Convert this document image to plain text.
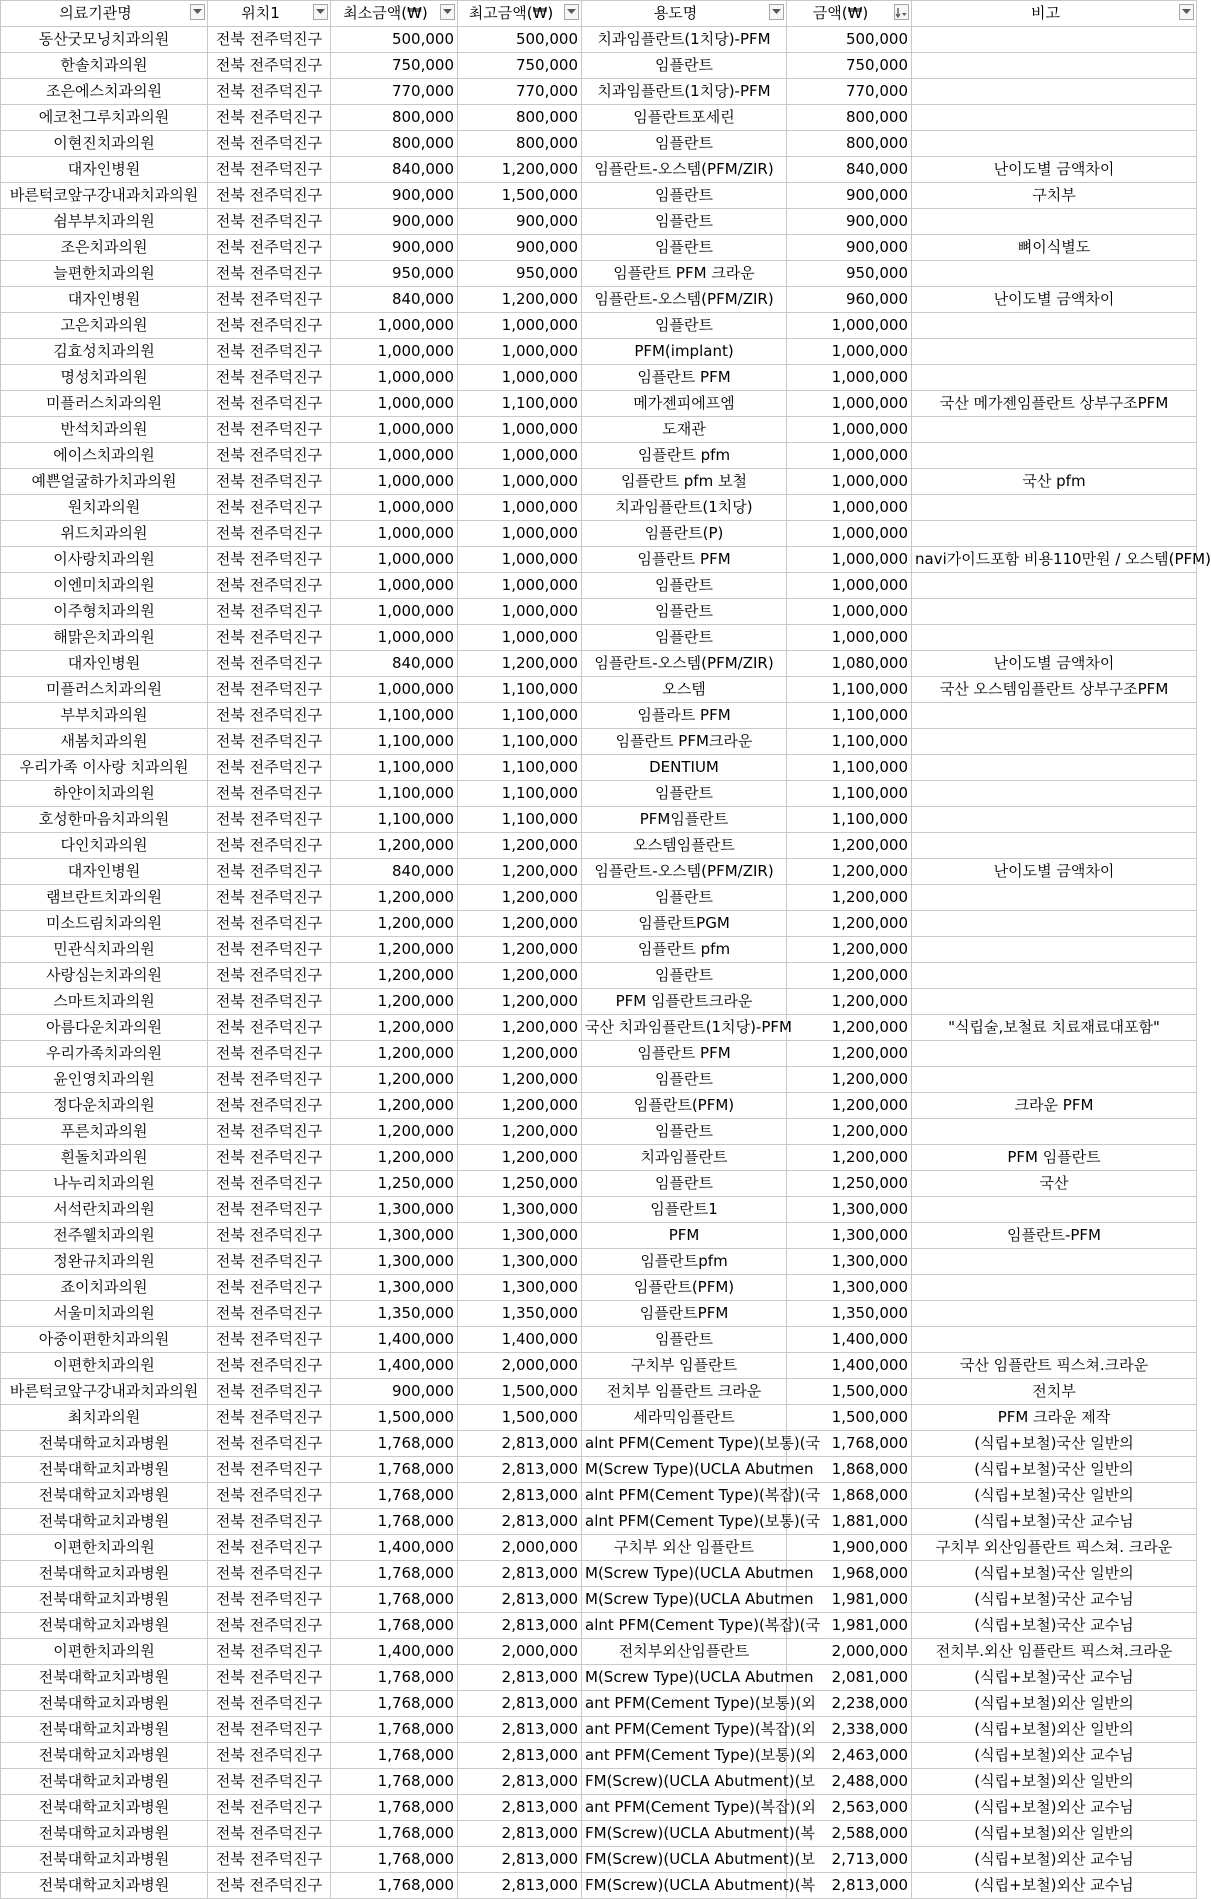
의료기관명	위치1	최소금액(₩)	최고금액(₩)	용도명	금액(₩)	비고

동산굿모닝치과의원	전북 전주덕진구	500,000	500,000	치과임플란트(1치당)-PFM	500,000	
한솔치과의원	전북 전주덕진구	750,000	750,000	임플란트	750,000	
조은에스치과의원	전북 전주덕진구	770,000	770,000	치과임플란트(1치당)-PFM	770,000	
에코천그루치과의원	전북 전주덕진구	800,000	800,000	임플란트포세린	800,000	
이현진치과의원	전북 전주덕진구	800,000	800,000	임플란트	800,000	
대자인병원	전북 전주덕진구	840,000	1,200,000	임플란트-오스템(PFM/ZIR)	840,000	난이도별 금액차이
바른턱코앞구강내과치과의원	전북 전주덕진구	900,000	1,500,000	임플란트	900,000	구치부
쉼부부치과의원	전북 전주덕진구	900,000	900,000	임플란트	900,000	
조은치과의원	전북 전주덕진구	900,000	900,000	임플란트	900,000	뼈이식별도
늘편한치과의원	전북 전주덕진구	950,000	950,000	임플란트 PFM 크라운	950,000	
대자인병원	전북 전주덕진구	840,000	1,200,000	임플란트-오스템(PFM/ZIR)	960,000	난이도별 금액차이
고은치과의원	전북 전주덕진구	1,000,000	1,000,000	임플란트	1,000,000	
김효성치과의원	전북 전주덕진구	1,000,000	1,000,000	PFM(implant)	1,000,000	
명성치과의원	전북 전주덕진구	1,000,000	1,000,000	임플란트 PFM	1,000,000	
미플러스치과의원	전북 전주덕진구	1,000,000	1,100,000	메가젠피에프엠	1,000,000	국산 메가젠임플란트 상부구조PFM
반석치과의원	전북 전주덕진구	1,000,000	1,000,000	도재관	1,000,000	
에이스치과의원	전북 전주덕진구	1,000,000	1,000,000	임플란트 pfm	1,000,000	
예쁜얼굴하가치과의원	전북 전주덕진구	1,000,000	1,000,000	임플란트 pfm 보철	1,000,000	국산 pfm
원치과의원	전북 전주덕진구	1,000,000	1,000,000	치과임플란트(1치당)	1,000,000	
위드치과의원	전북 전주덕진구	1,000,000	1,000,000	임플란트(P)	1,000,000	
이사랑치과의원	전북 전주덕진구	1,000,000	1,000,000	임플란트 PFM	1,000,000	navi가이드포함 비용110만원 / 오스템(PFM)
이엔미치과의원	전북 전주덕진구	1,000,000	1,000,000	임플란트	1,000,000	
이주형치과의원	전북 전주덕진구	1,000,000	1,000,000	임플란트	1,000,000	
해맑은치과의원	전북 전주덕진구	1,000,000	1,000,000	임플란트	1,000,000	
대자인병원	전북 전주덕진구	840,000	1,200,000	임플란트-오스템(PFM/ZIR)	1,080,000	난이도별 금액차이
미플러스치과의원	전북 전주덕진구	1,000,000	1,100,000	오스템	1,100,000	국산 오스템임플란트 상부구조PFM
부부치과의원	전북 전주덕진구	1,100,000	1,100,000	임플라트 PFM	1,100,000	
새봄치과의원	전북 전주덕진구	1,100,000	1,100,000	임플란트 PFM크라운	1,100,000	
우리가족 이사랑 치과의원	전북 전주덕진구	1,100,000	1,100,000	DENTIUM	1,100,000	
하얀이치과의원	전북 전주덕진구	1,100,000	1,100,000	임플란트	1,100,000	
호성한마음치과의원	전북 전주덕진구	1,100,000	1,100,000	PFM임플란트	1,100,000	
다인치과의원	전북 전주덕진구	1,200,000	1,200,000	오스템임플란트	1,200,000	
대자인병원	전북 전주덕진구	840,000	1,200,000	임플란트-오스템(PFM/ZIR)	1,200,000	난이도별 금액차이
램브란트치과의원	전북 전주덕진구	1,200,000	1,200,000	임플란트	1,200,000	
미소드림치과의원	전북 전주덕진구	1,200,000	1,200,000	임플란트PGM	1,200,000	
민관식치과의원	전북 전주덕진구	1,200,000	1,200,000	임플란트 pfm	1,200,000	
사랑심는치과의원	전북 전주덕진구	1,200,000	1,200,000	임플란트	1,200,000	
스마트치과의원	전북 전주덕진구	1,200,000	1,200,000	PFM 임플란트크라운	1,200,000	
아름다운치과의원	전북 전주덕진구	1,200,000	1,200,000	국산 치과임플란트(1치당)-PFM	1,200,000	"식립술,보철료 치료재료대포함"
우리가족치과의원	전북 전주덕진구	1,200,000	1,200,000	임플란트 PFM	1,200,000	
윤인영치과의원	전북 전주덕진구	1,200,000	1,200,000	임플란트	1,200,000	
정다운치과의원	전북 전주덕진구	1,200,000	1,200,000	임플란트(PFM)	1,200,000	크라운 PFM
푸른치과의원	전북 전주덕진구	1,200,000	1,200,000	임플란트	1,200,000	
흰돌치과의원	전북 전주덕진구	1,200,000	1,200,000	치과임플란트	1,200,000	PFM 임플란트
나누리치과의원	전북 전주덕진구	1,250,000	1,250,000	임플란트	1,250,000	국산
서석란치과의원	전북 전주덕진구	1,300,000	1,300,000	임플란트1	1,300,000	
전주웰치과의원	전북 전주덕진구	1,300,000	1,300,000	PFM	1,300,000	임플란트-PFM
정완규치과의원	전북 전주덕진구	1,300,000	1,300,000	임플란트pfm	1,300,000	
죠이치과의원	전북 전주덕진구	1,300,000	1,300,000	임플란트(PFM)	1,300,000	
서울미치과의원	전북 전주덕진구	1,350,000	1,350,000	임플란트PFM	1,350,000	
아중이편한치과의원	전북 전주덕진구	1,400,000	1,400,000	임플란트	1,400,000	
이편한치과의원	전북 전주덕진구	1,400,000	2,000,000	구치부 임플란트	1,400,000	국산 임플란트 픽스쳐.크라운
바른턱코앞구강내과치과의원	전북 전주덕진구	900,000	1,500,000	전치부 임플란트 크라운	1,500,000	전치부
최치과의원	전북 전주덕진구	1,500,000	1,500,000	세라믹임플란트	1,500,000	PFM 크라운 제작
전북대학교치과병원	전북 전주덕진구	1,768,000	2,813,000	alnt PFM(Cement Type)(보통)(국	1,768,000	(식립+보철)국산 일반의
전북대학교치과병원	전북 전주덕진구	1,768,000	2,813,000	M(Screw Type)(UCLA Abutmen	1,868,000	(식립+보철)국산 일반의
전북대학교치과병원	전북 전주덕진구	1,768,000	2,813,000	alnt PFM(Cement Type)(복잡)(국	1,868,000	(식립+보철)국산 일반의
전북대학교치과병원	전북 전주덕진구	1,768,000	2,813,000	alnt PFM(Cement Type)(보통)(국	1,881,000	(식립+보철)국산 교수님
이편한치과의원	전북 전주덕진구	1,400,000	2,000,000	구치부 외산 임플란트	1,900,000	구치부 외산임플란트 픽스쳐. 크라운
전북대학교치과병원	전북 전주덕진구	1,768,000	2,813,000	M(Screw Type)(UCLA Abutmen	1,968,000	(식립+보철)국산 일반의
전북대학교치과병원	전북 전주덕진구	1,768,000	2,813,000	M(Screw Type)(UCLA Abutmen	1,981,000	(식립+보철)국산 교수님
전북대학교치과병원	전북 전주덕진구	1,768,000	2,813,000	alnt PFM(Cement Type)(복잡)(국	1,981,000	(식립+보철)국산 교수님
이편한치과의원	전북 전주덕진구	1,400,000	2,000,000	전치부외산임플란트	2,000,000	전치부.외산 임플란트 픽스쳐.크라운
전북대학교치과병원	전북 전주덕진구	1,768,000	2,813,000	M(Screw Type)(UCLA Abutmen	2,081,000	(식립+보철)국산 교수님
전북대학교치과병원	전북 전주덕진구	1,768,000	2,813,000	ant PFM(Cement Type)(보통)(외	2,238,000	(식립+보철)외산 일반의
전북대학교치과병원	전북 전주덕진구	1,768,000	2,813,000	ant PFM(Cement Type)(복잡)(외	2,338,000	(식립+보철)외산 일반의
전북대학교치과병원	전북 전주덕진구	1,768,000	2,813,000	ant PFM(Cement Type)(보통)(외	2,463,000	(식립+보철)외산 교수님
전북대학교치과병원	전북 전주덕진구	1,768,000	2,813,000	FM(Screw)(UCLA Abutment)(보	2,488,000	(식립+보철)외산 일반의
전북대학교치과병원	전북 전주덕진구	1,768,000	2,813,000	ant PFM(Cement Type)(복잡)(외	2,563,000	(식립+보철)외산 교수님
전북대학교치과병원	전북 전주덕진구	1,768,000	2,813,000	FM(Screw)(UCLA Abutment)(복	2,588,000	(식립+보철)외산 일반의
전북대학교치과병원	전북 전주덕진구	1,768,000	2,813,000	FM(Screw)(UCLA Abutment)(보	2,713,000	(식립+보철)외산 교수님
전북대학교치과병원	전북 전주덕진구	1,768,000	2,813,000	FM(Screw)(UCLA Abutment)(복	2,813,000	(식립+보철)외산 교수님
